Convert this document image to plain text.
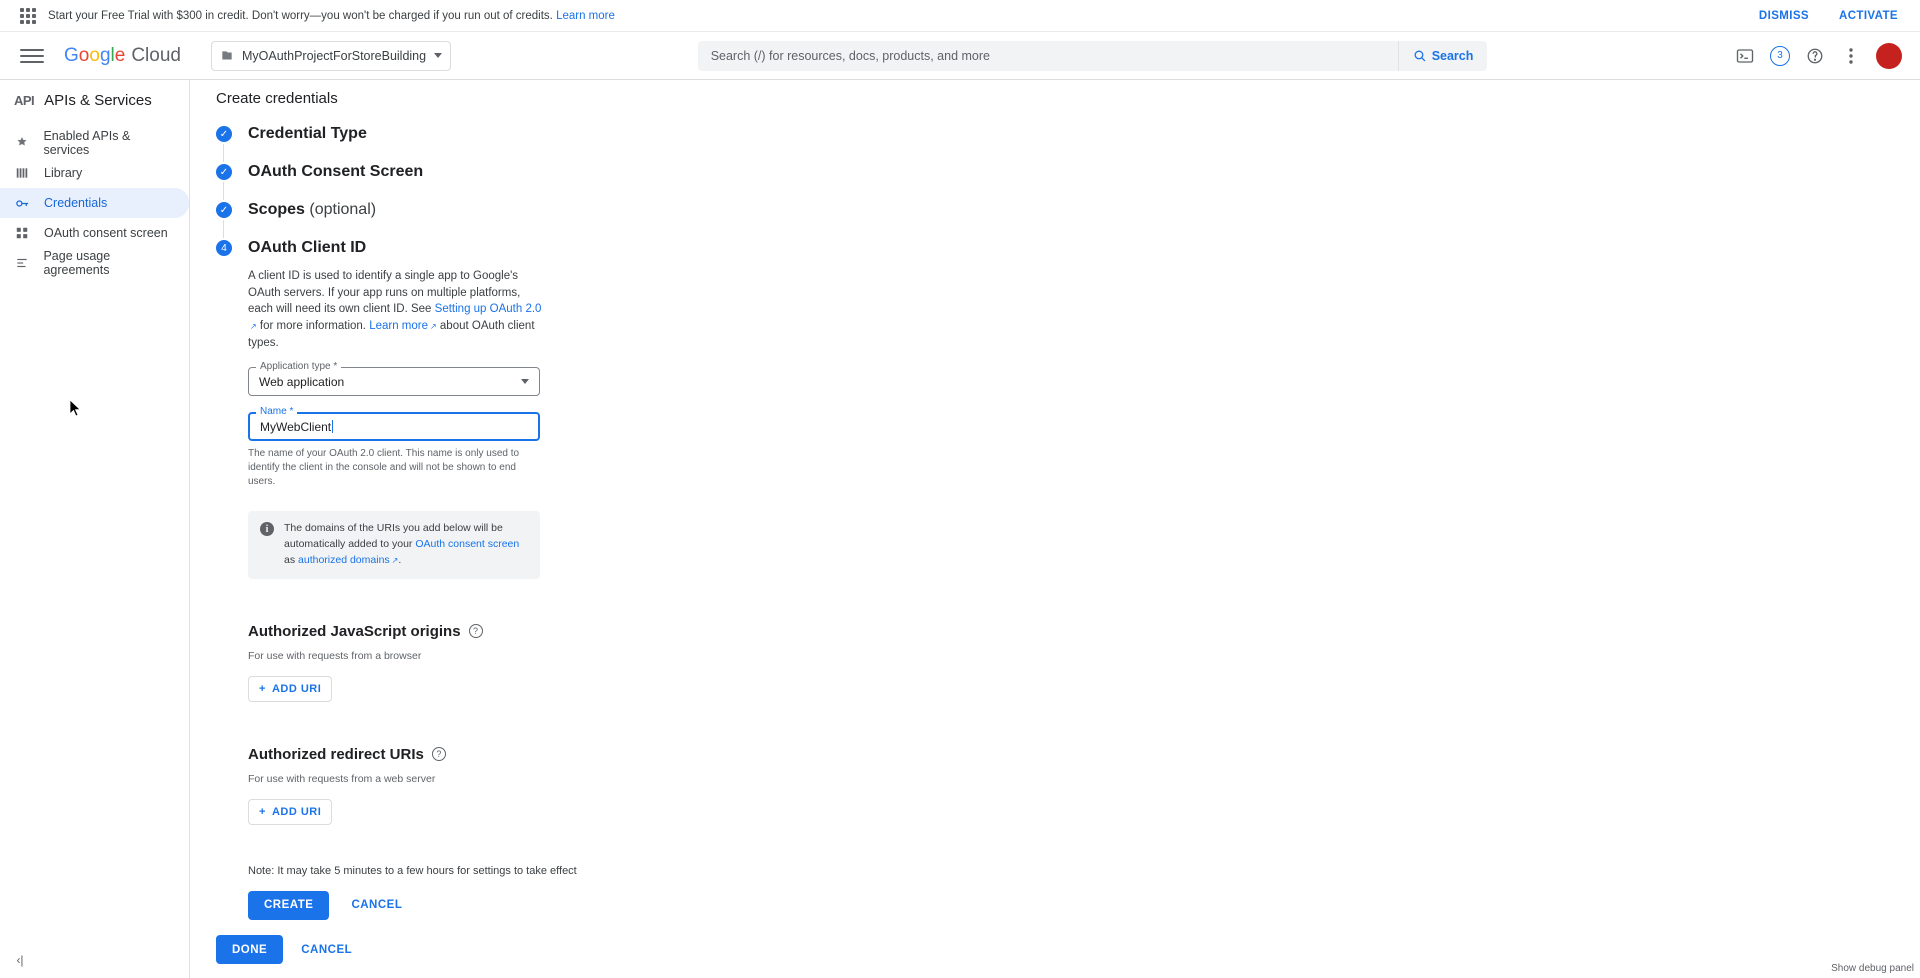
Start your Free Trial with $300 in credit. Don't worry—you won't be charged if you run out of credits. Learn more	DISMISS	ACTIVATE
Google Cloud	MyOAuthProjectForStoreBuilding	Search (/) for resources, docs, products, and more	Search	3
API APIs & Services
Enabled APIs & services
Library
Credentials
OAuth consent screen
Page usage agreements
‹|
Create credentials
✓ Credential Type
✓ OAuth Consent Screen
✓ Scopes (optional)
4	OAuth Client ID
A client ID is used to identify a single app to Google's OAuth servers. If your app runs on multiple platforms, each will need its own client ID. See Setting up OAuth 2.0 ↗ for more information. Learn more ↗ about OAuth client types.
Application type *
Web application
Name *
MyWebClient
The name of your OAuth 2.0 client. This name is only used to identify the client in the console and will not be shown to end users.
i	The domains of the URIs you add below will be automatically added to your OAuth consent screen as authorized domains ↗ .
Authorized JavaScript origins	?
For use with requests from a browser
+ ADD URI
Authorized redirect URIs	?
For use with requests from a web server
+ ADD URI
Note: It may take 5 minutes to a few hours for settings to take effect
CREATE	CANCEL
DONE	CANCEL
Show debug panel
